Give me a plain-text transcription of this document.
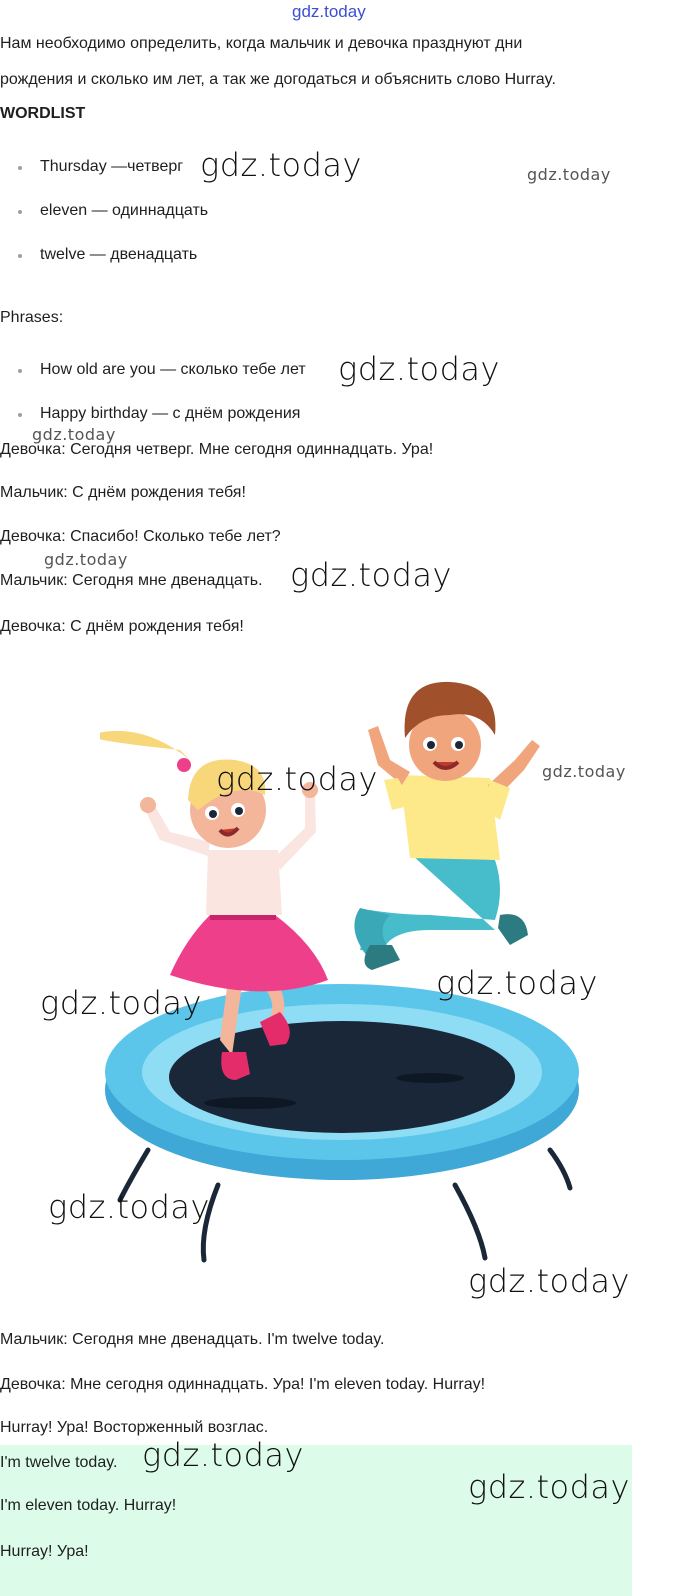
gdz.today
Нам необходимо определить, когда мальчик и девочка празднуют дни
рождения и сколько им лет, а так же догодаться и объяснить слово Hurray.
WORDLIST
Thursday —четверг
eleven — одиннадцать
twelve — двенадцать
Phrases:
How old are you — сколько тебе лет
Happy birthday — с днём рождения
Девочка: Сегодня четверг. Мне сегодня одиннадцать. Ура!
Мальчик: С днём рождения тебя!
Девочка: Спасибо! Сколько тебе лет?
Мальчик: Сегодня мне двенадцать.
Девочка: С днём рождения тебя!
Мальчик: Сегодня мне двенадцать. I'm twelve today.
Девочка: Мне сегодня одиннадцать. Ура! I'm eleven today. Hurray!
Hurray! Ура! Восторженный возглас.
I'm twelve today.
I'm eleven today. Hurray!
Hurray! Ура!
gdz.today	gdz.today
gdz.today
gdz.today
gdz.today	gdz.today
gdz.today	gdz.today
gdz.today
gdz.today
gdz.today
gdz.today
gdz.today
gdz.today
